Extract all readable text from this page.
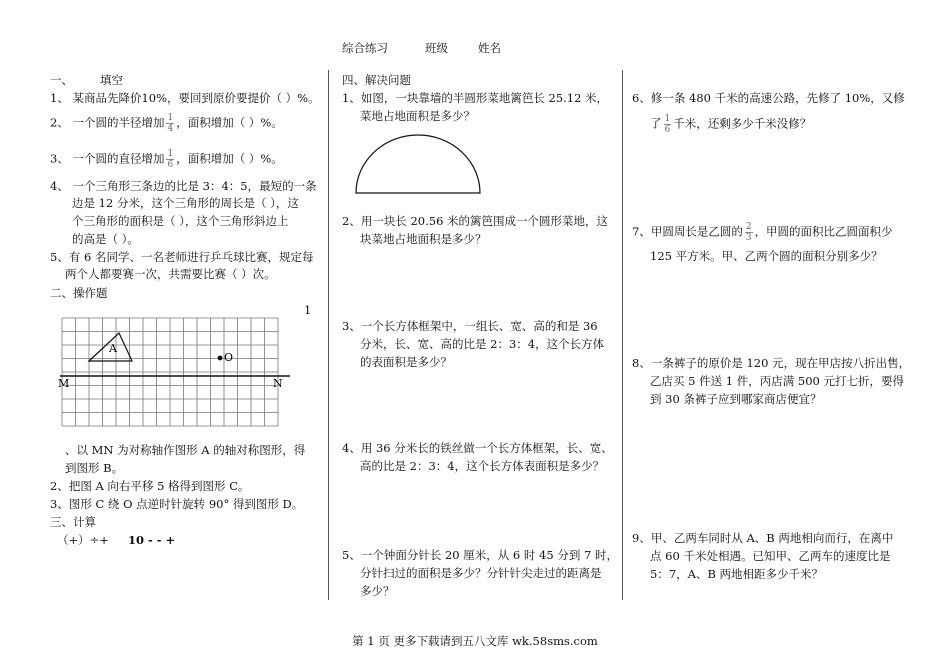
综合练习	班级	姓名
一、 填空
1、 某商品先降价10%，要回到原价要提价（ ）%。
2、 一个圆的半径增加 $\frac{1}{4}$ ，面积增加（ ）%。
3、 一个圆的直径增加 $\frac{1}{6}$ ，面积增加（ ）%。
4、 一个三角形三条边的比是 3：4：5，最短的一条
边是 12 分米，这个三角形的周长是（ ），这
个三角形的面积是（ ），这个三角形斜边上
的高是（ ）。
5、有 6 名同学、一名老师进行乒乓球比赛，规定每
两个人都要赛一次，共需要比赛（ ）次。
二、操作题
1
A
O
M	N
、以 MN 为对称轴作图形 A 的轴对称图形，得
到图形 B。
2、把图 A 向右平移 5 格得到图形 C。
3、图形 C 绕 O 点逆时针旋转 90° 得到图形 D。
三、计算
（+）÷+ 10 - - +
四、解决问题
1、如图，一块靠墙的半圆形菜地篱笆长 25.12 米，
菜地占地面积是多少？
2、用一块长 20.56 米的篱笆围成一个圆形菜地，这
块菜地占地面积是多少？
3、一个长方体框架中，一组长、宽、高的和是 36
分米，长、宽、高的比是 2：3：4，这个长方体
的表面积是多少？
4、用 36 分米长的铁丝做一个长方体框架，长、宽、
高的比是 2：3：4，这个长方体表面积是多少？
5、一个钟面分针长 20 厘米，从 6 时 45 分到 7 时，
分针扫过的面积是多少？分针针尖走过的距离是
多少？
6、修一条 480 千米的高速公路，先修了 10%，又修
了 $\frac{1}{6}$ 千米，还剩多少千米没修？
7、甲圆周长是乙圆的 $\frac{2}{3}$ ，甲圆的面积比乙圆面积少
125 平方米。甲、乙两个圆的面积分别多少？
8、一条裤子的原价是 120 元，现在甲店按八折出售，
乙店买 5 件送 1 件，丙店满 500 元打七折，要得
到 30 条裤子应到哪家商店便宜？
9、甲、乙两车同时从 A、B 两地相向而行，在离中
点 60 千米处相遇。已知甲、乙两车的速度比是
5：7，A、B 两地相距多少千米？
第 1 页 更多下载请到五八文库 wk.58sms.com
